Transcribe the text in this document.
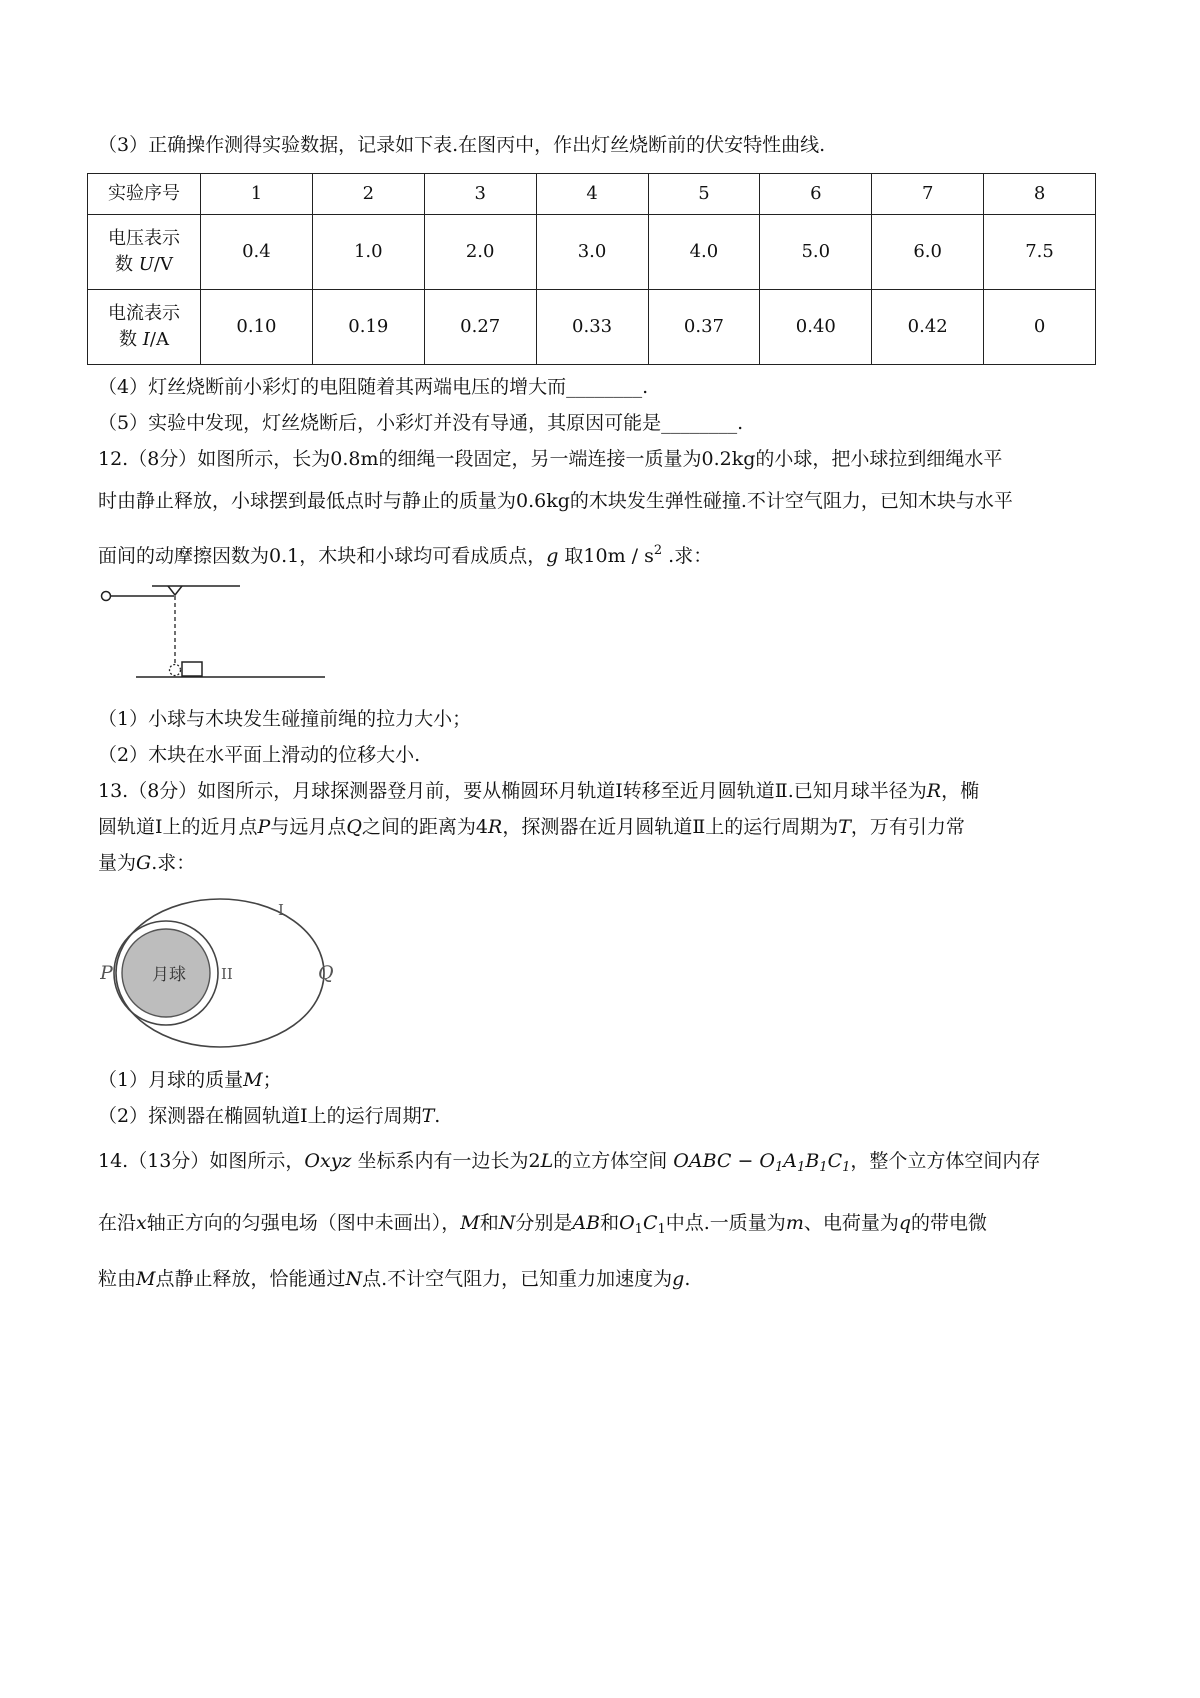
（3）正确操作测得实验数据，记录如下表.在图丙中，作出灯丝烧断前的伏安特性曲线.
实验序号	1	2	3	4	5	6	7	8
电压表示
数 U/V	0.4	1.0	2.0	3.0	4.0	5.0	6.0	7.5
电流表示
数 I/A	0.10	0.19	0.27	0.33	0.37	0.40	0.42	0
（4）灯丝烧断前小彩灯的电阻随着其两端电压的增大而________.
（5）实验中发现，灯丝烧断后，小彩灯并没有导通，其原因可能是________.
12.（8分）如图所示，长为0.8m的细绳一段固定，另一端连接一质量为0.2kg的小球，把小球拉到细绳水平
时由静止释放，小球摆到最低点时与静止的质量为0.6kg的木块发生弹性碰撞.不计空气阻力，已知木块与水平
面间的动摩擦因数为0.1，木块和小球均可看成质点，g 取$10m / s^2$ .求：
（1）小球与木块发生碰撞前绳的拉力大小；
（2）木块在水平面上滑动的位移大小.
13.（8分）如图所示，月球探测器登月前，要从椭圆环月轨道Ⅰ转移至近月圆轨道Ⅱ.已知月球半径为R，椭
圆轨道Ⅰ上的近月点P与远月点Q之间的距离为4R，探测器在近月圆轨道Ⅱ上的运行周期为T，万有引力常
量为G.求：
月球
I
II
P	Q
（1）月球的质量M；
（2）探测器在椭圆轨道Ⅰ上的运行周期T.
14.（13分）如图所示，Oxyz 坐标系内有一边长为2L的立方体空间 OABC − $O_1A_1B_1C_1$，整个立方体空间内存
在沿x轴正方向的匀强电场（图中未画出），M和N分别是AB和$O_1C_1$中点.一质量为m、电荷量为q的带电微
粒由M点静止释放，恰能通过N点.不计空气阻力，已知重力加速度为g.
